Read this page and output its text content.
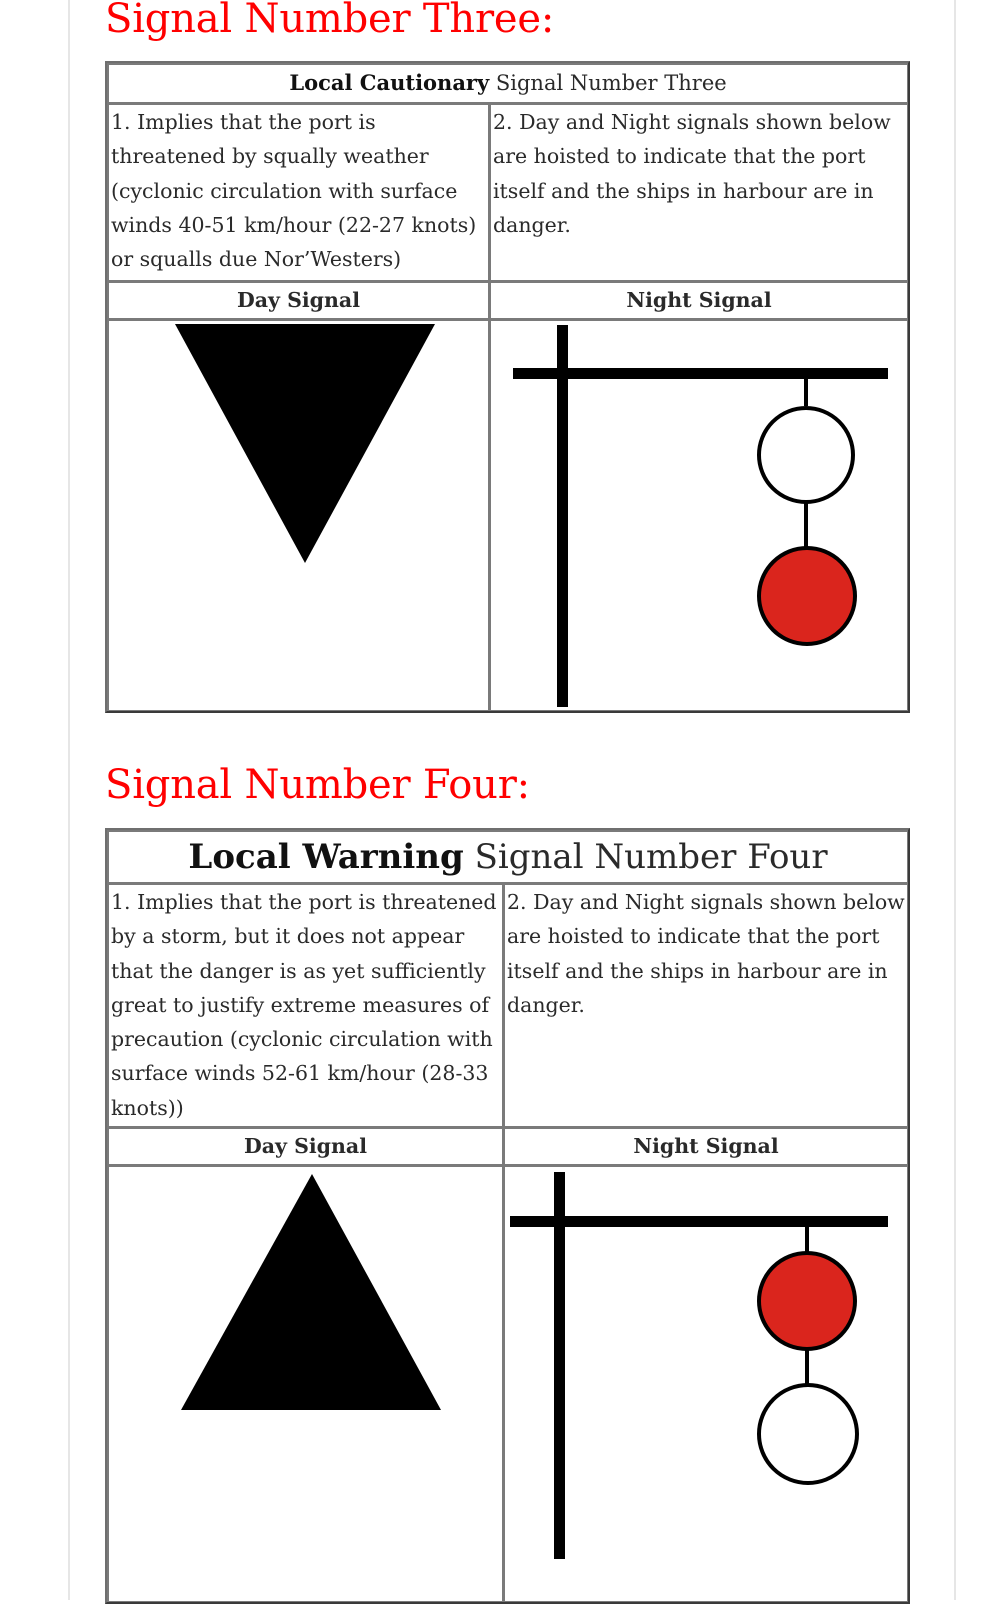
Signal Number Three:
Local Cautionary Signal Number Three	
1. Implies that the port is threatened by squally weather (cyclonic circulation with surface winds 40-51 km/hour (22-27 knots) or squalls due Nor’Westers)	2. Day and Night signals shown below are hoisted to indicate that the port itself and the ships in harbour are in danger.
Day Signal	Night Signal

Signal Number Four:
Local Warning Signal Number Four	
1. Implies that the port is threatened by a storm, but it does not appear that the danger is as yet sufficiently great to justify extreme measures of precaution (cyclonic circulation with surface winds 52-61 km/hour (28-33 knots))	2. Day and Night signals shown below are hoisted to indicate that the port itself and the ships in harbour are in danger.
Day Signal	Night Signal
